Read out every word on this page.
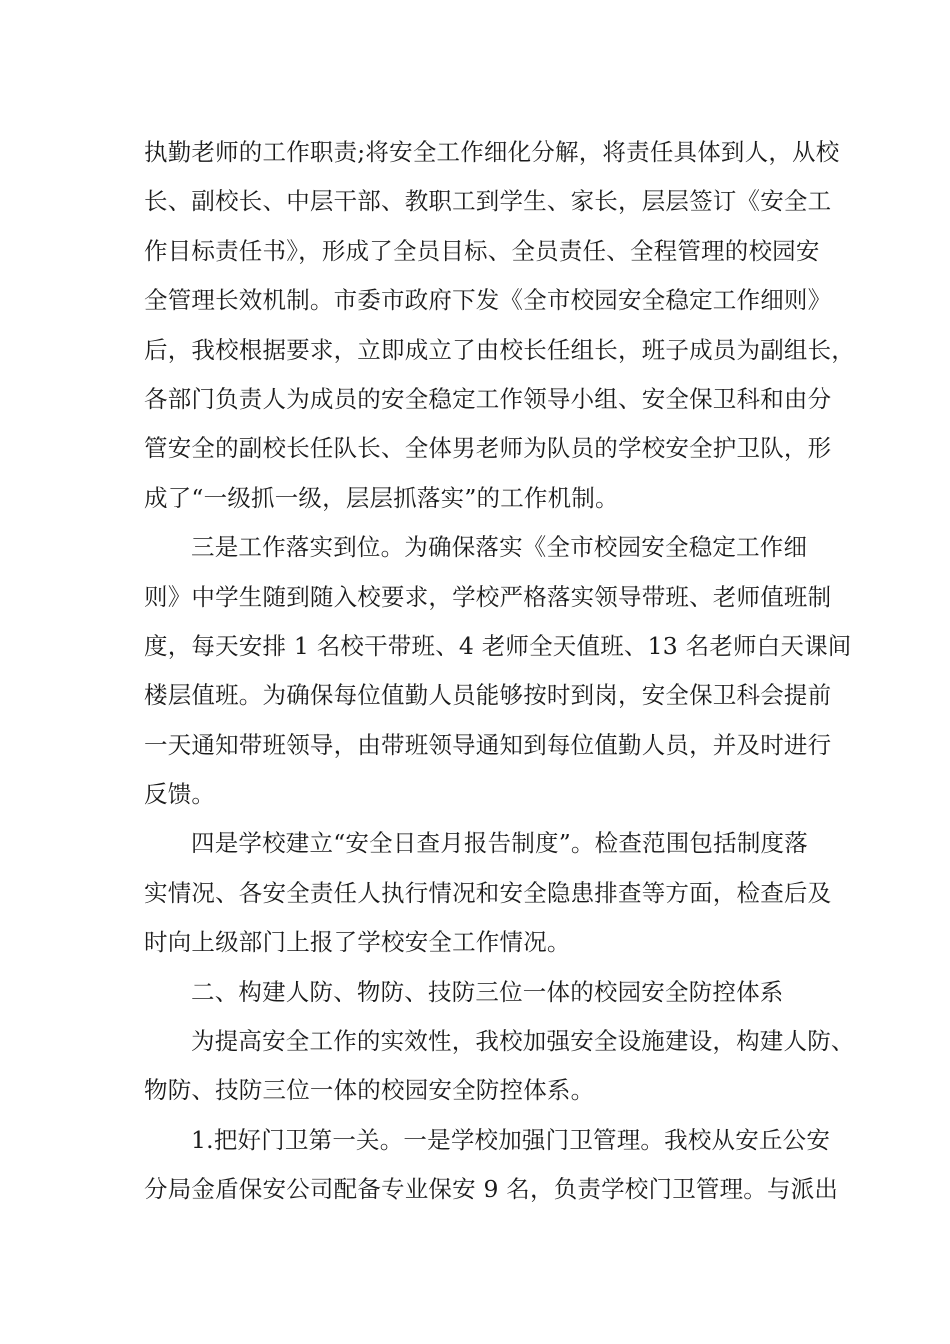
执勤老师的工作职责;将安全工作细化分解，将责任具体到人，从校
长、副校长、中层干部、教职工到学生、家长，层层签订《安全工
作目标责任书》，形成了全员目标、全员责任、全程管理的校园安
全管理长效机制。市委市政府下发《全市校园安全稳定工作细则》
后，我校根据要求，立即成立了由校长任组长，班子成员为副组长，
各部门负责人为成员的安全稳定工作领导小组、安全保卫科和由分
管安全的副校长任队长、全体男老师为队员的学校安全护卫队，形
成了“一级抓一级，层层抓落实”的工作机制。
三是工作落实到位。为确保落实《全市校园安全稳定工作细
则》中学生随到随入校要求，学校严格落实领导带班、老师值班制
度，每天安排 1 名校干带班、4 老师全天值班、13 名老师白天课间
楼层值班。为确保每位值勤人员能够按时到岗，安全保卫科会提前
一天通知带班领导，由带班领导通知到每位值勤人员，并及时进行
反馈。
四是学校建立“安全日查月报告制度”。检查范围包括制度落
实情况、各安全责任人执行情况和安全隐患排查等方面，检查后及
时向上级部门上报了学校安全工作情况。
二、构建人防、物防、技防三位一体的校园安全防控体系
为提高安全工作的实效性，我校加强安全设施建设，构建人防、
物防、技防三位一体的校园安全防控体系。
1.把好门卫第一关。一是学校加强门卫管理。我校从安丘公安
分局金盾保安公司配备专业保安 9 名，负责学校门卫管理。与派出
